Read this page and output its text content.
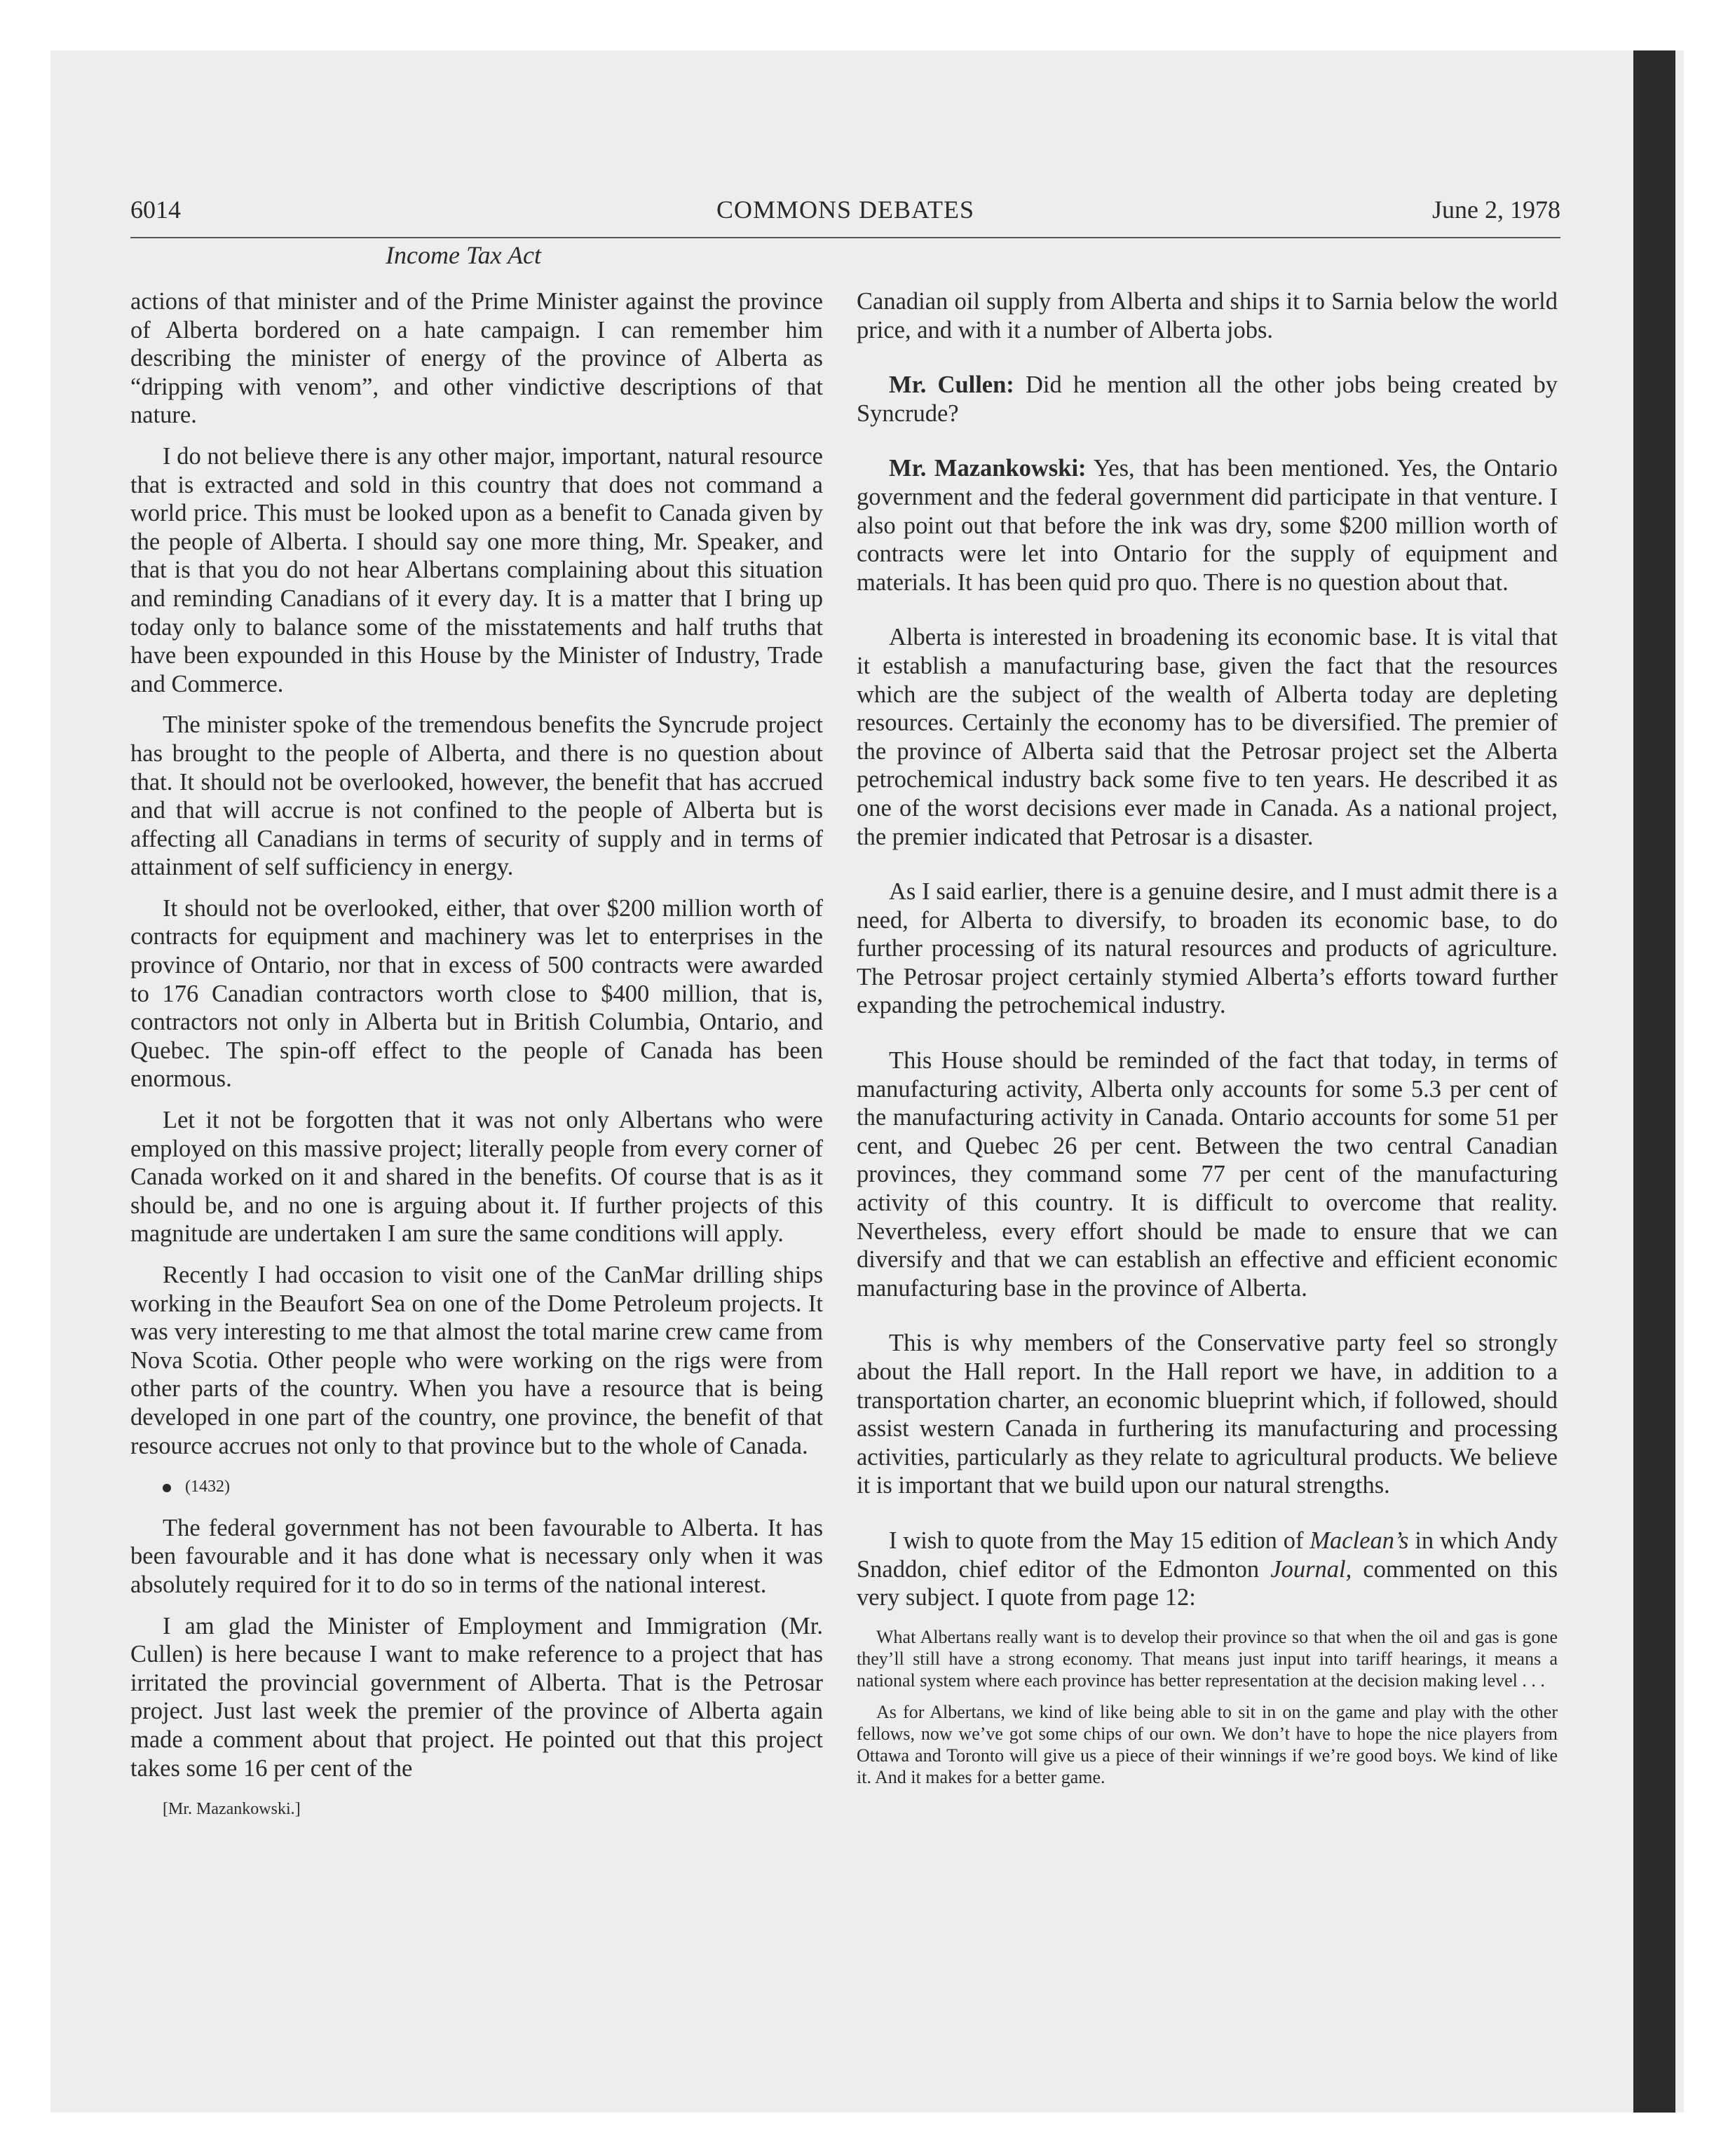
6014	COMMONS DEBATES	June 2, 1978
Income Tax Act

actions of that minister and of the Prime Minister against the province of Alberta bordered on a hate campaign. I can remember him describing the minister of energy of the province of Alberta as “dripping with venom”, and other vindictive descriptions of that nature.

I do not believe there is any other major, important, natural resource that is extracted and sold in this country that does not command a world price. This must be looked upon as a benefit to Canada given by the people of Alberta. I should say one more thing, Mr. Speaker, and that is that you do not hear Albertans complaining about this situation and reminding Canadians of it every day. It is a matter that I bring up today only to balance some of the misstatements and half truths that have been expounded in this House by the Minister of Industry, Trade and Commerce.

The minister spoke of the tremendous benefits the Syncrude project has brought to the people of Alberta, and there is no question about that. It should not be overlooked, however, the benefit that has accrued and that will accrue is not confined to the people of Alberta but is affecting all Canadians in terms of security of supply and in terms of attainment of self sufficiency in energy.

It should not be overlooked, either, that over $200 million worth of contracts for equipment and machinery was let to enterprises in the province of Ontario, nor that in excess of 500 contracts were awarded to 176 Canadian contractors worth close to $400 million, that is, contractors not only in Alberta but in British Columbia, Ontario, and Quebec. The spin-off effect to the people of Canada has been enormous.

Let it not be forgotten that it was not only Albertans who were employed on this massive project; literally people from every corner of Canada worked on it and shared in the benefits. Of course that is as it should be, and no one is arguing about it. If further projects of this magnitude are undertaken I am sure the same conditions will apply.

Recently I had occasion to visit one of the CanMar drilling ships working in the Beaufort Sea on one of the Dome Petroleum projects. It was very interesting to me that almost the total marine crew came from Nova Scotia. Other people who were working on the rigs were from other parts of the country. When you have a resource that is being developed in one part of the country, one province, the benefit of that resource accrues not only to that province but to the whole of Canada.

(1432)

The federal government has not been favourable to Alberta. It has been favourable and it has done what is necessary only when it was absolutely required for it to do so in terms of the national interest.

I am glad the Minister of Employment and Immigration (Mr. Cullen) is here because I want to make reference to a project that has irritated the provincial government of Alberta. That is the Petrosar project. Just last week the premier of the province of Alberta again made a comment about that project. He pointed out that this project takes some 16 per cent of the

[Mr. Mazankowski.]

Canadian oil supply from Alberta and ships it to Sarnia below the world price, and with it a number of Alberta jobs.

Mr. Cullen: Did he mention all the other jobs being created by Syncrude?

Mr. Mazankowski: Yes, that has been mentioned. Yes, the Ontario government and the federal government did participate in that venture. I also point out that before the ink was dry, some $200 million worth of contracts were let into Ontario for the supply of equipment and materials. It has been quid pro quo. There is no question about that.

Alberta is interested in broadening its economic base. It is vital that it establish a manufacturing base, given the fact that the resources which are the subject of the wealth of Alberta today are depleting resources. Certainly the economy has to be diversified. The premier of the province of Alberta said that the Petrosar project set the Alberta petrochemical industry back some five to ten years. He described it as one of the worst decisions ever made in Canada. As a national project, the premier indicated that Petrosar is a disaster.

As I said earlier, there is a genuine desire, and I must admit there is a need, for Alberta to diversify, to broaden its economic base, to do further processing of its natural resources and products of agriculture. The Petrosar project certainly stymied Alberta’s efforts toward further expanding the petrochemical industry.

This House should be reminded of the fact that today, in terms of manufacturing activity, Alberta only accounts for some 5.3 per cent of the manufacturing activity in Canada. Ontario accounts for some 51 per cent, and Quebec 26 per cent. Between the two central Canadian provinces, they command some 77 per cent of the manufacturing activity of this country. It is difficult to overcome that reality. Nevertheless, every effort should be made to ensure that we can diversify and that we can establish an effective and efficient economic manufacturing base in the province of Alberta.

This is why members of the Conservative party feel so strongly about the Hall report. In the Hall report we have, in addition to a transportation charter, an economic blueprint which, if followed, should assist western Canada in furthering its manufacturing and processing activities, particularly as they relate to agricultural products. We believe it is important that we build upon our natural strengths.

I wish to quote from the May 15 edition of Maclean’s in which Andy Snaddon, chief editor of the Edmonton Journal, commented on this very subject. I quote from page 12:

What Albertans really want is to develop their province so that when the oil and gas is gone they’ll still have a strong economy. That means just input into tariff hearings, it means a national system where each province has better representation at the decision making level . . .

As for Albertans, we kind of like being able to sit in on the game and play with the other fellows, now we’ve got some chips of our own. We don’t have to hope the nice players from Ottawa and Toronto will give us a piece of their winnings if we’re good boys. We kind of like it. And it makes for a better game.
